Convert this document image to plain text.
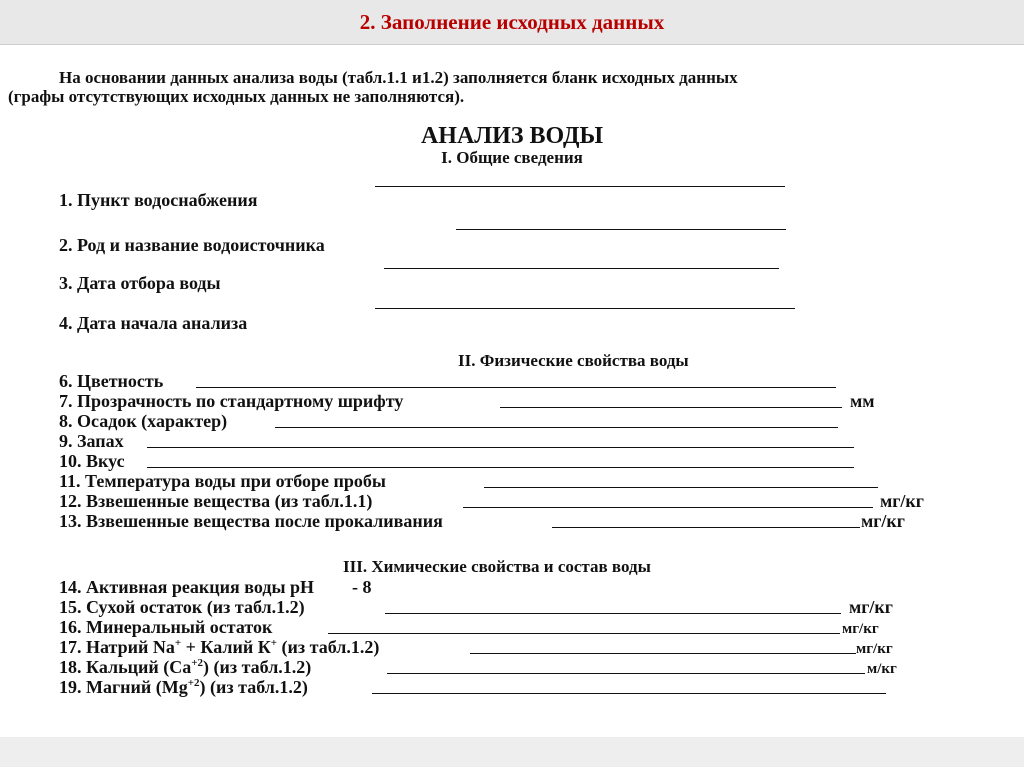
2. Заполнение исходных данных
На основании данных анализа воды (табл.1.1 и1.2) заполняется бланк исходных данных
(графы отсутствующих исходных данных не заполняются).
АНАЛИЗ ВОДЫ
I. Общие сведения
1. Пункт водоснабжения
2. Род и название водоисточника
3. Дата отбора воды
4. Дата начала анализа
II. Физические свойства воды
6. Цветность
7. Прозрачность по стандартному шрифту	мм
8. Осадок (характер)
9. Запах
10. Вкус
11. Температура воды при отборе пробы
12. Взвешенные вещества (из табл.1.1)	мг/кг
13. Взвешенные вещества после прокаливания	мг/кг
III. Химические свойства и состав воды
14. Активная реакция воды pH - 8
15. Сухой остаток (из табл.1.2)	мг/кг
16. Минеральный остаток	мг/кг
17. Натрий Na+ + Калий К+ (из табл.1.2)	мг/кг
18. Кальций $(Ca^{+2})$ (из табл.1.2)	м/кг
19. Магний $(Mg^{+2})$ (из табл.1.2)
